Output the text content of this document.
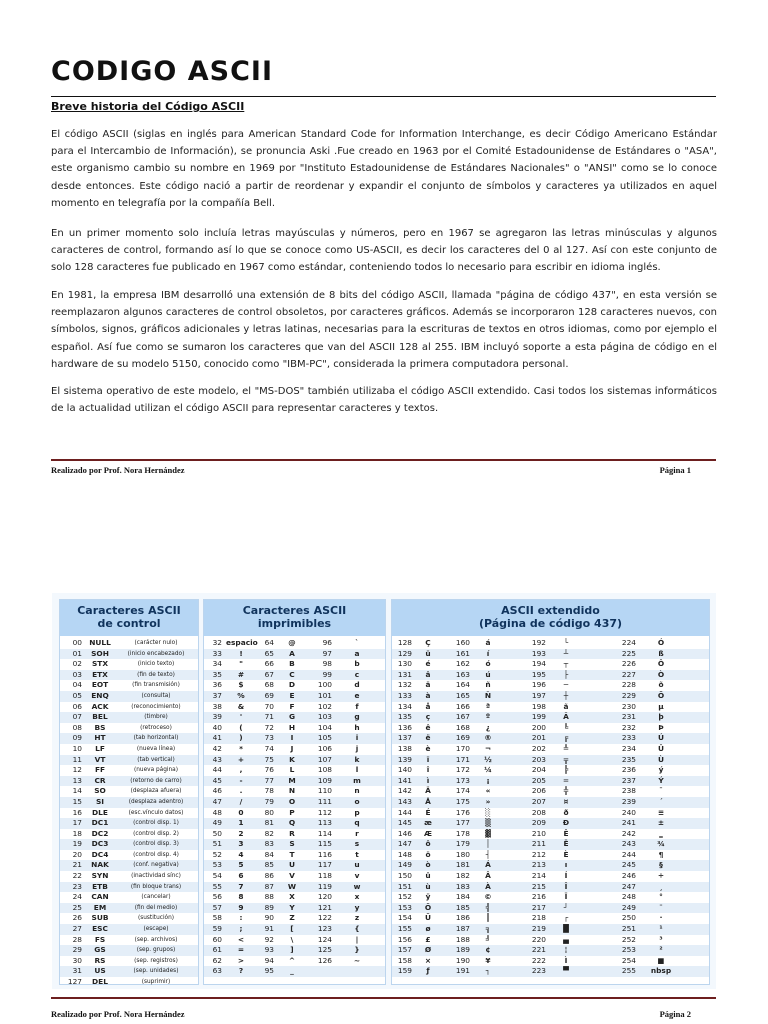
CODIGO ASCII
Breve historia del Código ASCII

El código ASCII (siglas en inglés para American Standard Code for Information Interchange, es decir Código Americano Estándar para el Intercambio de Información), se pronuncia Aski .Fue creado en 1963 por el Comité Estadounidense de Estándares o "ASA", este organismo cambio su nombre en 1969 por "Instituto Estadounidense de Estándares Nacionales" o "ANSI" como se lo conoce desde entonces. Este código nació a partir de reordenar y expandir el conjunto de símbolos y caracteres ya utilizados en aquel momento en telegrafía por la compañía Bell.

En un primer momento solo incluía letras mayúsculas y números, pero en 1967 se agregaron las letras minúsculas y algunos caracteres de control, formando así lo que se conoce como US-ASCII, es decir los caracteres del 0 al 127. Así con este conjunto de solo 128 caracteres fue publicado en 1967 como estándar, conteniendo todos lo necesario para escribir en idioma inglés.

En 1981, la empresa IBM desarrolló una extensión de 8 bits del código ASCII, llamada "página de código 437", en esta versión se reemplazaron algunos caracteres de control obsoletos, por caracteres gráficos. Además se incorporaron 128 caracteres nuevos, con símbolos, signos, gráficos adicionales y letras latinas, necesarias para la escrituras de textos en otros idiomas, como por ejemplo el español. Así fue como se sumaron los caracteres que van del ASCII 128 al 255. IBM incluyó soporte a esta página de código en el hardware de su modelo 5150, conocido como "IBM-PC", considerada la primera computadora personal.

El sistema operativo de este modelo, el "MS-DOS" también utilizaba el código ASCII extendido. Casi todos los sistemas informáticos de la actualidad utilizan el código ASCII para representar caracteres y textos.

Realizado por Prof. Nora Hernández	Página 1
Caracteres ASCII
de control
00 NULL	(carácter nulo)
01	SOH	(inicio encabezado)
02	STX	(inicio texto)
03	ETX	(fin de texto)
04	EOT	(fin transmisión)
05	ENQ	(consulta)
06	ACK	(reconocimiento)
07	BEL	(timbre)
08	BS	(retroceso)
09	HT	(tab horizontal)
10	LF	(nueva línea)
11	VT	(tab vertical)
12	FF	(nueva página)
13	CR	(retorno de carro)
14	SO	(desplaza afuera)
15	SI	(desplaza adentro)
16	DLE	(esc.vínculo datos)
17	DC1	(control disp. 1)
18	DC2	(control disp. 2)
19	DC3	(control disp. 3)
20	DC4	(control disp. 4)
21	NAK	(conf. negativa)
22	SYN	(inactividad sínc)
23	ETB	(fin bloque trans)
24	CAN	(cancelar)
25	EM	(fin del medio)
26	SUB	(sustitución)
27	ESC	(escape)
28	FS	(sep. archivos)
29	GS	(sep. grupos)
30	RS	(sep. registros)
31	US	(sep. unidades)
127	DEL	(suprimir)
Caracteres ASCII
imprimibles
32 espacio 64	@	96	`
33	!	65	A	97	a
34	"	66	B	98	b
35	#	67	C	99	c
36	$	68	D	100	d
37	%	69	E	101	e
38	&	70	F	102	f
39	'	71	G	103	g
40	(	72	H	104	h
41	)	73	I	105	i
42	*	74	J	106	j
43	+	75	K	107	k
44	,	76	L	108	l
45	-	77	M	109	m
46	.	78	N	110	n
47	/	79	O	111	o
48	0	80	P	112	p
49	1	81	Q	113	q
50	2	82	R	114	r
51	3	83	S	115	s
52	4	84	T	116	t
53	5	85	U	117	u
54	6	86	V	118	v
55	7	87	W	119	w
56	8	88	X	120	x
57	9	89	Y	121	y
58	:	90	Z	122	z
59	;	91	[	123	{
60	<	92	\	124	|
61	=	93	]	125	}
62	>	94	^	126	~
63	?	95	_
ASCII extendido
(Página de código 437)
128	Ç	160	á	192	└	224	Ó
129	ü	161	í	193	┴	225	ß
130	é	162	ó	194	┬	226	Ô
131	â	163	ú	195	├	227	Ò
132	ä	164	ñ	196	─	228	õ
133	à	165	Ñ	197	┼	229	Õ
134	å	166	ª	198	ã	230	µ
135	ç	167	º	199	Ã	231	þ
136	ê	168	¿	200	╚	232	Þ
137	ë	169	®	201	╔	233	Ú
138	è	170	¬	202	╩	234	Û
139	ï	171	½	203	╦	235	Ù
140	î	172	¼	204	╠	236	ý
141	ì	173	¡	205	═	237	Ý
142	Ä	174	«	206	╬	238	¯
143	Å	175	»	207	¤	239	´
144	É	176	░	208	ð	240	≡
145	æ	177	▒	209	Ð	241	±
146	Æ	178	▓	210	Ê	242	‗
147	ô	179	│	211	Ë	243	¾
148	ö	180	┤	212	È	244	¶
149	ò	181	Á	213	ı	245	§
150	û	182	Â	214	Í	246	÷
151	ù	183	À	215	Î	247	¸
152	ÿ	184	©	216	Ï	248	°
153	Ö	185	╣	217	┘	249	¨
154	Ü	186	║	218	┌	250	·
155	ø	187	╗	219	█	251	¹
156	£	188	╝	220	▄	252	³
157	Ø	189	¢	221	¦	253	²
158	×	190	¥	222	Ì	254	■
159	ƒ	191	┐	223	▀	255	nbsp
Realizado por Prof. Nora Hernández	Página 2
